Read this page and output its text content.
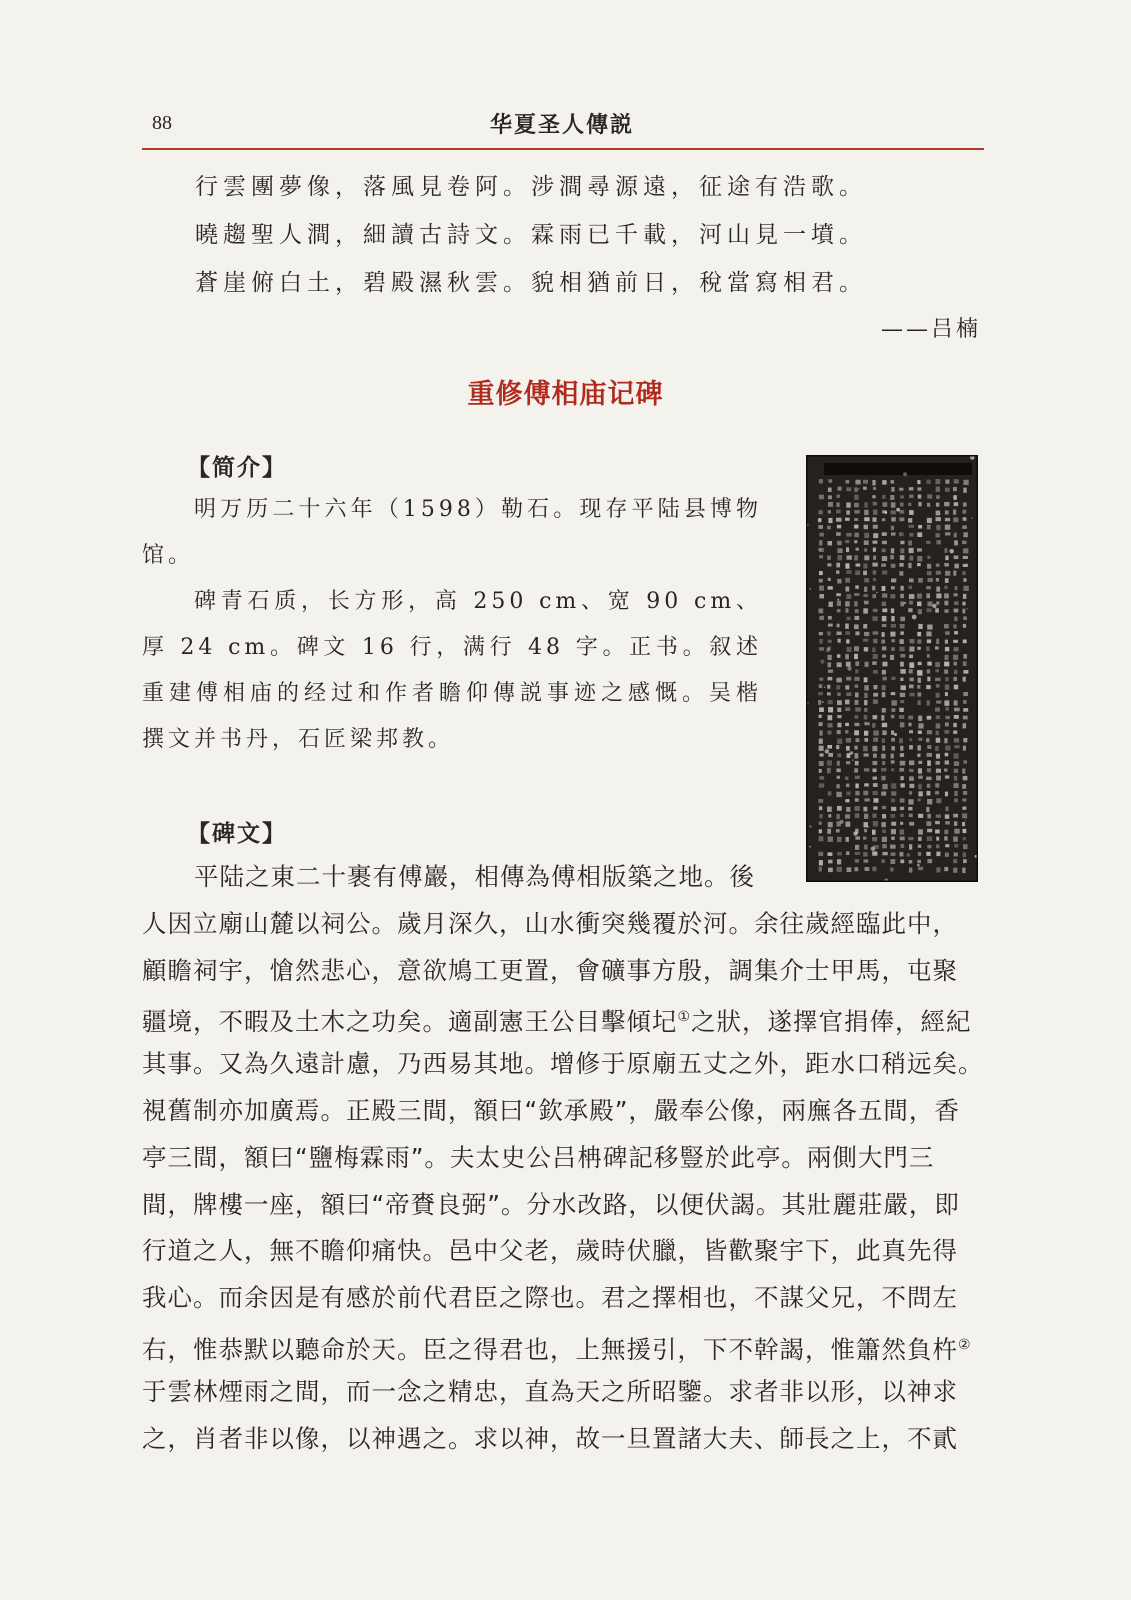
88	华夏圣人傳説
行雲團夢像，落風見卷阿。涉澗尋源遠，征途有浩歌。
曉趨聖人澗，細讀古詩文。霖雨已千載，河山見一墳。
蒼崖俯白土，碧殿濕秋雲。貌相猶前日，稅當寫相君。
——吕楠
重修傅相庙记碑
【简介】
明万历二十六年（1598）勒石。现存平陆县博物馆。
碑青石质，长方形，高 250 cm、宽 90 cm、厚 24 cm。碑文 16 行，满行 48 字。正书。叙述重建傅相庙的经过和作者瞻仰傳説事迹之感慨。吴楷撰文并书丹，石匠梁邦教。
【碑文】
平陆之東二十裹有傅巖，相傳為傅相版築之地。後
人因立廟山麓以祠公。歲月深久，山水衝突幾覆於河。余往歲經臨此中，
顧瞻祠宇，愴然悲心，意欲鳩工更置，會礦事方殷，調集介士甲馬，屯聚
疆境，不暇及土木之功矣。適副憲王公目擊傾圮①之狀，遂擇官捐俸，經紀
其事。又為久遠計慮，乃西易其地。增修于原廟五丈之外，距水口稍远矣。
視舊制亦加廣焉。正殿三間，額曰“欽承殿”，嚴奉公像，兩廡各五間，香
亭三間，額曰“鹽梅霖雨”。夫太史公吕柟碑記移豎於此亭。兩側大門三
間，牌樓一座，額曰“帝賚良弼”。分水改路，以便伏謁。其壯麗莊嚴，即
行道之人，無不瞻仰痛快。邑中父老，歲時伏臘，皆歡聚宇下，此真先得
我心。而余因是有感於前代君臣之際也。君之擇相也，不謀父兄，不問左
右，惟恭默以聽命於天。臣之得君也，上無援引，下不幹謁，惟簫然負杵②
于雲林煙雨之間，而一念之精忠，直為天之所昭鑒。求者非以形，以神求
之，肖者非以像，以神遇之。求以神，故一旦置諸大夫、師長之上，不貳
